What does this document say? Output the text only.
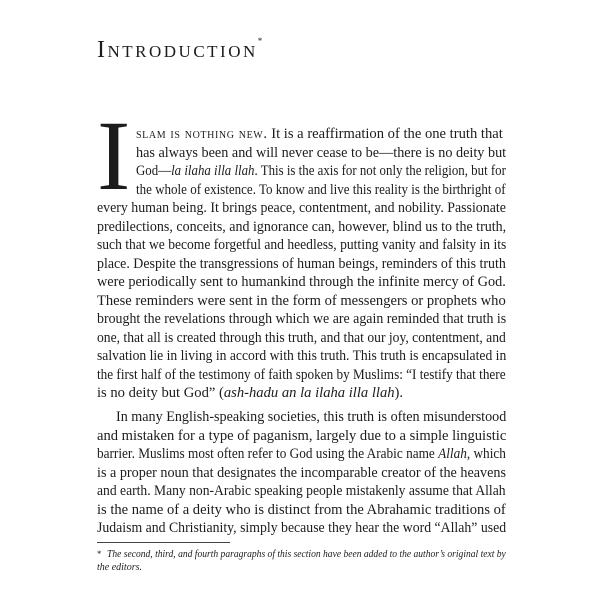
Introduction*
I slam is nothing new. It is a reaffirmation of the one truth that
has always been and will never cease to be—there is no deity but
God—la ilaha illa llah. This is the axis for not only the religion, but for
the whole of existence. To know and live this reality is the birthright of
every human being. It brings peace, contentment, and nobility. Passionate
predilections, conceits, and ignorance can, however, blind us to the truth,
such that we become forgetful and heedless, putting vanity and falsity in its
place. Despite the transgressions of human beings, reminders of this truth
were periodically sent to humankind through the infinite mercy of God.
These reminders were sent in the form of messengers or prophets who
brought the revelations through which we are again reminded that truth is
one, that all is created through this truth, and that our joy, contentment, and
salvation lie in living in accord with this truth. This truth is encapsulated in
the first half of the testimony of faith spoken by Muslims: “I testify that there
is no deity but God” (ash-hadu an la ilaha illa llah).
In many English-speaking societies, this truth is often misunderstood
and mistaken for a type of paganism, largely due to a simple linguistic
barrier. Muslims most often refer to God using the Arabic name Allah, which
is a proper noun that designates the incomparable creator of the heavens
and earth. Many non-Arabic speaking people mistakenly assume that Allah
is the name of a deity who is distinct from the Abrahamic traditions of
Judaism and Christianity, simply because they hear the word “Allah” used
* The second, third, and fourth paragraphs of this section have been added to the author’s original text by
the editors.
